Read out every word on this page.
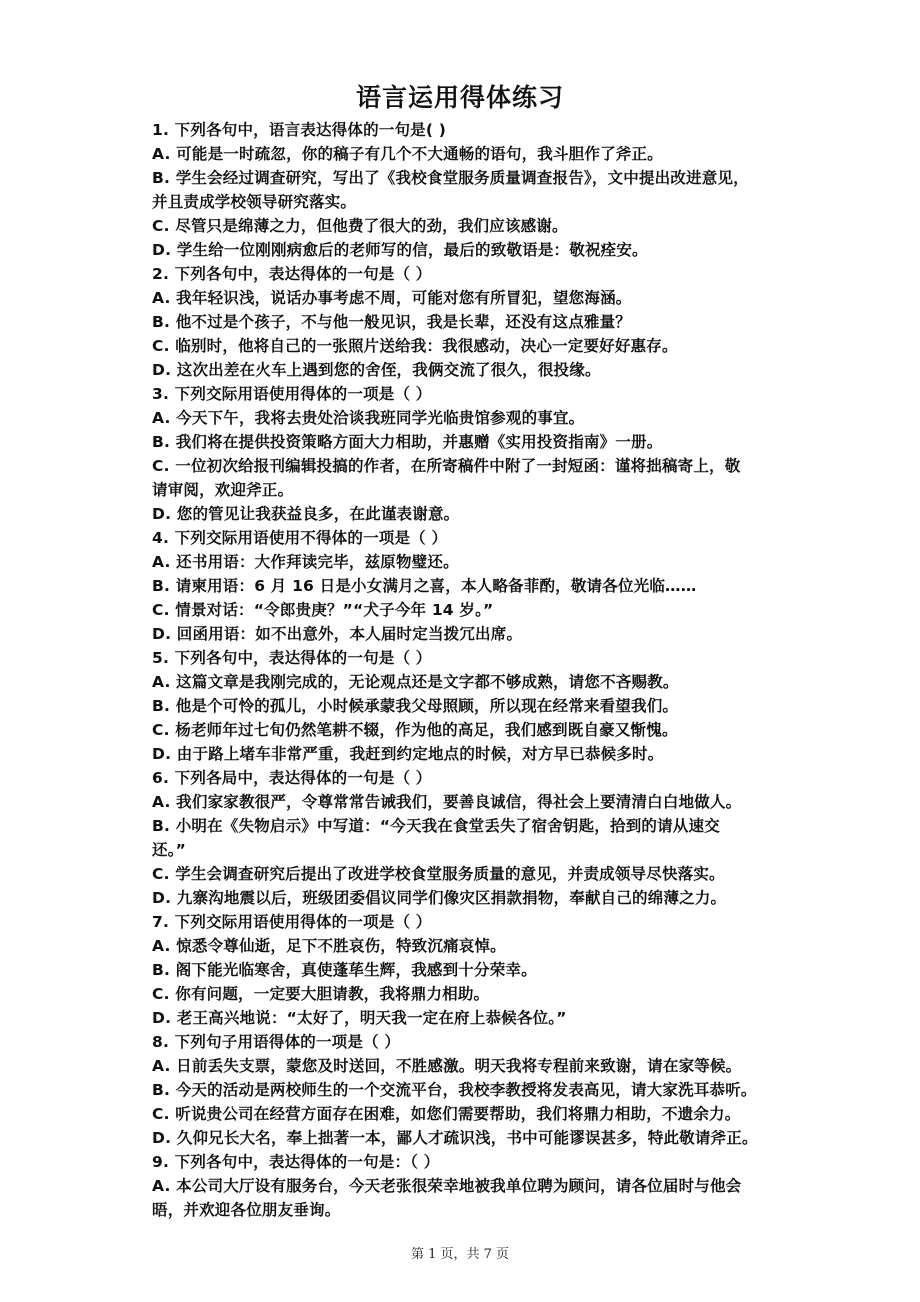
语言运用得体练习
1. 下列各句中，语言表达得体的一句是( )
A. 可能是一时疏忽，你的稿子有几个不大通畅的语句，我斗胆作了斧正。
B. 学生会经过调查研究，写出了《我校食堂服务质量调查报告》，文中提出改进意见，
并且责成学校领导研究落实。
C. 尽管只是绵薄之力，但他费了很大的劲，我们应该感谢。
D. 学生给一位刚刚病愈后的老师写的信，最后的致敬语是：敬祝痊安。
2. 下列各句中，表达得体的一句是（ ）
A. 我年轻识浅，说话办事考虑不周，可能对您有所冒犯，望您海涵。
B. 他不过是个孩子，不与他一般见识，我是长辈，还没有这点雅量？
C. 临别时，他将自己的一张照片送给我：我很感动，决心一定要好好惠存。
D. 这次出差在火车上遇到您的舍侄，我俩交流了很久，很投缘。
3. 下列交际用语使用得体的一项是（ ）
A. 今天下午，我将去贵处洽谈我班同学光临贵馆参观的事宜。
B. 我们将在提供投资策略方面大力相助，并惠赠《实用投资指南》一册。
C. 一位初次给报刊编辑投搞的作者，在所寄稿件中附了一封短函：谨将拙稿寄上，敬
请审阅，欢迎斧正。
D. 您的管见让我获益良多，在此谨表谢意。
4. 下列交际用语使用不得体的一项是（ ）
A. 还书用语：大作拜读完毕，兹原物璧还。
B. 请柬用语：6 月 16 日是小女满月之喜，本人略备菲酌，敬请各位光临……
C. 情景对话：“令郎贵庚？”“犬子今年 14 岁。”
D. 回函用语：如不出意外，本人届时定当拨冗出席。
5. 下列各句中，表达得体的一句是（ ）
A. 这篇文章是我刚完成的，无论观点还是文字都不够成熟，请您不吝赐教。
B. 他是个可怜的孤儿，小时候承蒙我父母照顾，所以现在经常来看望我们。
C. 杨老师年过七旬仍然笔耕不辍，作为他的高足，我们感到既自豪又惭愧。
D. 由于路上堵车非常严重，我赶到约定地点的时候，对方早已恭候多时。
6. 下列各局中，表达得体的一句是（ ）
A. 我们家家教很严，令尊常常告诫我们，要善良诚信，得社会上要清清白白地做人。
B. 小明在《失物启示》中写道：“今天我在食堂丢失了宿舍钥匙，拾到的请从速交
还。”
C. 学生会调查研究后提出了改进学校食堂服务质量的意见，并责成领导尽快落实。
D. 九寨沟地震以后，班级团委倡议同学们像灾区捐款捐物，奉献自己的绵薄之力。
7. 下列交际用语使用得体的一项是（ ）
A. 惊悉令尊仙逝，足下不胜哀伤，特致沉痛哀悼。
B. 阁下能光临寒舍，真使蓬荜生辉，我感到十分荣幸。
C. 你有问题，一定要大胆请教，我将鼎力相助。
D. 老王高兴地说：“太好了，明天我一定在府上恭候各位。”
8. 下列句子用语得体的一项是（ ）
A. 日前丢失支票，蒙您及时送回，不胜感激。明天我将专程前来致谢，请在家等候。
B. 今天的活动是两校师生的一个交流平台，我校李教授将发表高见，请大家洗耳恭听。
C. 听说贵公司在经营方面存在困难，如您们需要帮助，我们将鼎力相助，不遗余力。
D. 久仰兄长大名，奉上拙著一本，鄙人才疏识浅，书中可能谬误甚多，特此敬请斧正。
9. 下列各句中，表达得体的一句是：（ ）
A. 本公司大厅设有服务台，今天老张很荣幸地被我单位聘为顾问，请各位届时与他会
晤，并欢迎各位朋友垂询。
第 1 页，共 7 页
